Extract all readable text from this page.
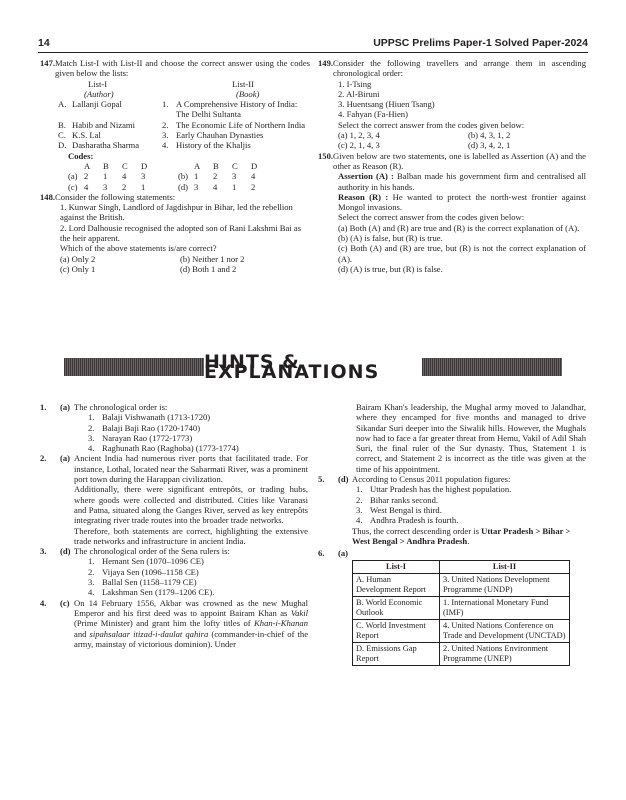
14	UPPSC Prelims Paper-1 Solved Paper-2024
147. Match List-I with List-II and choose the correct answer using the codes given below the lists:
List-I	List-II
(Author)	(Book)
A. Lallanji Gopal	1. A Comprehensive History of India: The Delhi Sultanta
B. Habib and Nizami	2. The Economic Life of Northern India
C. K.S. Lal	3. Early Chauhan Dynasties
D. Dasharatha Sharma	4. History of the Khaljis
Codes:
A	B	C	D	A	B	C	D
(a) 2	1	4	3	(b) 1	2	3	4
(c) 4	3	2	1	(d) 3	4	1	2
148. Consider the following statements:
1. Kunwar Singh, Landlord of Jagdishpur in Bihar, led the rebellion against the British.
2. Lord Dalhousie recognised the adopted son of Rani Lakshmi Bai as the heir apparent.
Which of the above statements is/are correct?
(a) Only 2	(b) Neither 1 nor 2
(c) Only 1	(d) Both 1 and 2
149. Consider the following travellers and arrange them in ascending chronological order:
1. I-Tsing
2. Al-Biruni
3. Huentsang (Hiuen Tsang)
4. Fahyan (Fa-Hien)
Select the correct answer from the codes given below:
(a) 1, 2, 3, 4	(b) 4, 3, 1, 2
(c) 2, 1, 4, 3	(d) 3, 4, 2, 1
150. Given below are two statements, one is labelled as Assertion (A) and the other as Reason (R).
Assertion (A) : Balban made his government firm and centralised all authority in his hands.
Reason (R) : He wanted to protect the north-west frontier against Mongol invasions.
Select the correct answer from the codes given below:
(a) Both (A) and (R) are true and (R) is the correct explanation of (A).
(b) (A) is false, but (R) is true.
(c) Both (A) and (R) are true, but (R) is not the correct explanation of (A).
(d) (A) is true, but (R) is false.
HINTS & EXPLANATIONS
1.	(a) The chronological order is:
1. Balaji Vishwanath (1713-1720)
2. Balaji Baji Rao (1720-1740)
3. Narayan Rao (1772-1773)
4. Raghunath Rao (Raghoba) (1773-1774)
2.	(a) Ancient India had numerous river ports that facilitated trade. For instance, Lothal, located near the Sabarmati River, was a prominent port town during the Harappan civilization.
Additionally, there were significant entrepôts, or trading hubs, where goods were collected and distributed. Cities like Varanasi and Patna, situated along the Ganges River, served as key entrepôts integrating river trade routes into the broader trade networks.
Therefore, both statements are correct, highlighting the extensive trade networks and infrastructure in ancient India.
3.	(d) The chronological order of the Sena rulers is:
1. Hemant Sen (1070–1096 CE)
2. Vijaya Sen (1096–1158 CE)
3. Ballal Sen (1158–1179 CE)
4. Lakshman Sen (1179–1206 CE).
4.	(c) On 14 February 1556, Akbar was crowned as the new Mughal Emperor and his first deed was to appoint Bairam Khan as Vakil (Prime Minister) and grant him the lofty titles of Khan-i-Khanan and sipahsalaar itizad-i-daulat qahira (commander-in-chief of the army, mainstay of victorious dominion). Under
Bairam Khan's leadership, the Mughal army moved to Jalandhar, where they encamped for five months and managed to drive Sikandar Suri deeper into the Siwalik hills. However, the Mughals now had to face a far greater threat from Hemu, Vakil of Adil Shah Suri, the final ruler of the Sur dynasty. Thus, Statement 1 is correct, and Statement 2 is incorrect as the title was given at the time of his appointment.
5.	(d) According to Census 2011 population figures:
1. Uttar Pradesh has the highest population.
2. Bihar ranks second.
3. West Bengal is third.
4. Andhra Pradesh is fourth.
Thus, the correct descending order is Uttar Pradesh > Bihar > West Bengal > Andhra Pradesh.
6.	(a)
List-I	List-II
A. Human Development Report	3. United Nations Development Programme (UNDP)
B. World Economic Outlook	1. International Monetary Fund (IMF)
C. World Investment Report	4. United Nations Conference on Trade and Development (UNCTAD)
D. Emissions Gap Report	2. United Nations Environment Programme (UNEP)
